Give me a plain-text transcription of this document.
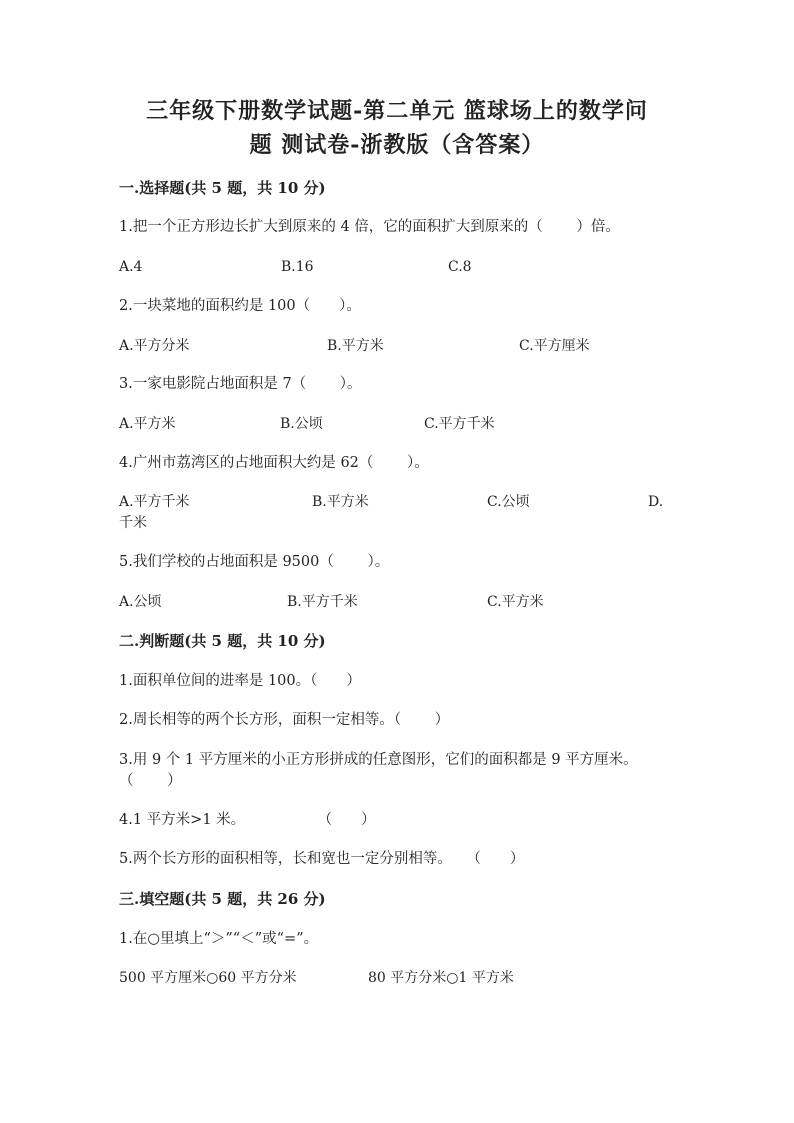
三年级下册数学试题-第二单元 篮球场上的数学问
题 测试卷-浙教版（含答案）
一.选择题(共 5 题，共 10 分)
1.把一个正方形边长扩大到原来的 4 倍，它的面积扩大到原来的（　　 ）倍。
A.4	B.16	C.8
2.一块菜地的面积约是 100（　　）。
A.平方分米	B.平方米	C.平方厘米
3.一家电影院占地面积是 7（　　 ）。
A.平方米	B.公顷	C.平方千米
4.广州市荔湾区的占地面积大约是 62（　　 ）。
A.平方千米	B.平方米	C.公顷	D.
千米
5.我们学校的占地面积是 9500（　　 ）。
A.公顷	B.平方千米	C.平方米
二.判断题(共 5 题，共 10 分)
1.面积单位间的进率是 100。（　　）
2.周长相等的两个长方形，面积一定相等。（　　 ）
3.用 9 个 1 平方厘米的小正方形拼成的任意图形，它们的面积都是 9 平方厘米。
（　　 ）
4.1 平方米>1 米。　　　　　　（　　）
5.两个长方形的面积相等，长和宽也一定分别相等。　　（　　）
三.填空题(共 5 题，共 26 分)
1.在○里填上“＞”“＜”或“=”。
500 平方厘米○60 平方分米	80 平方分米○1 平方米
